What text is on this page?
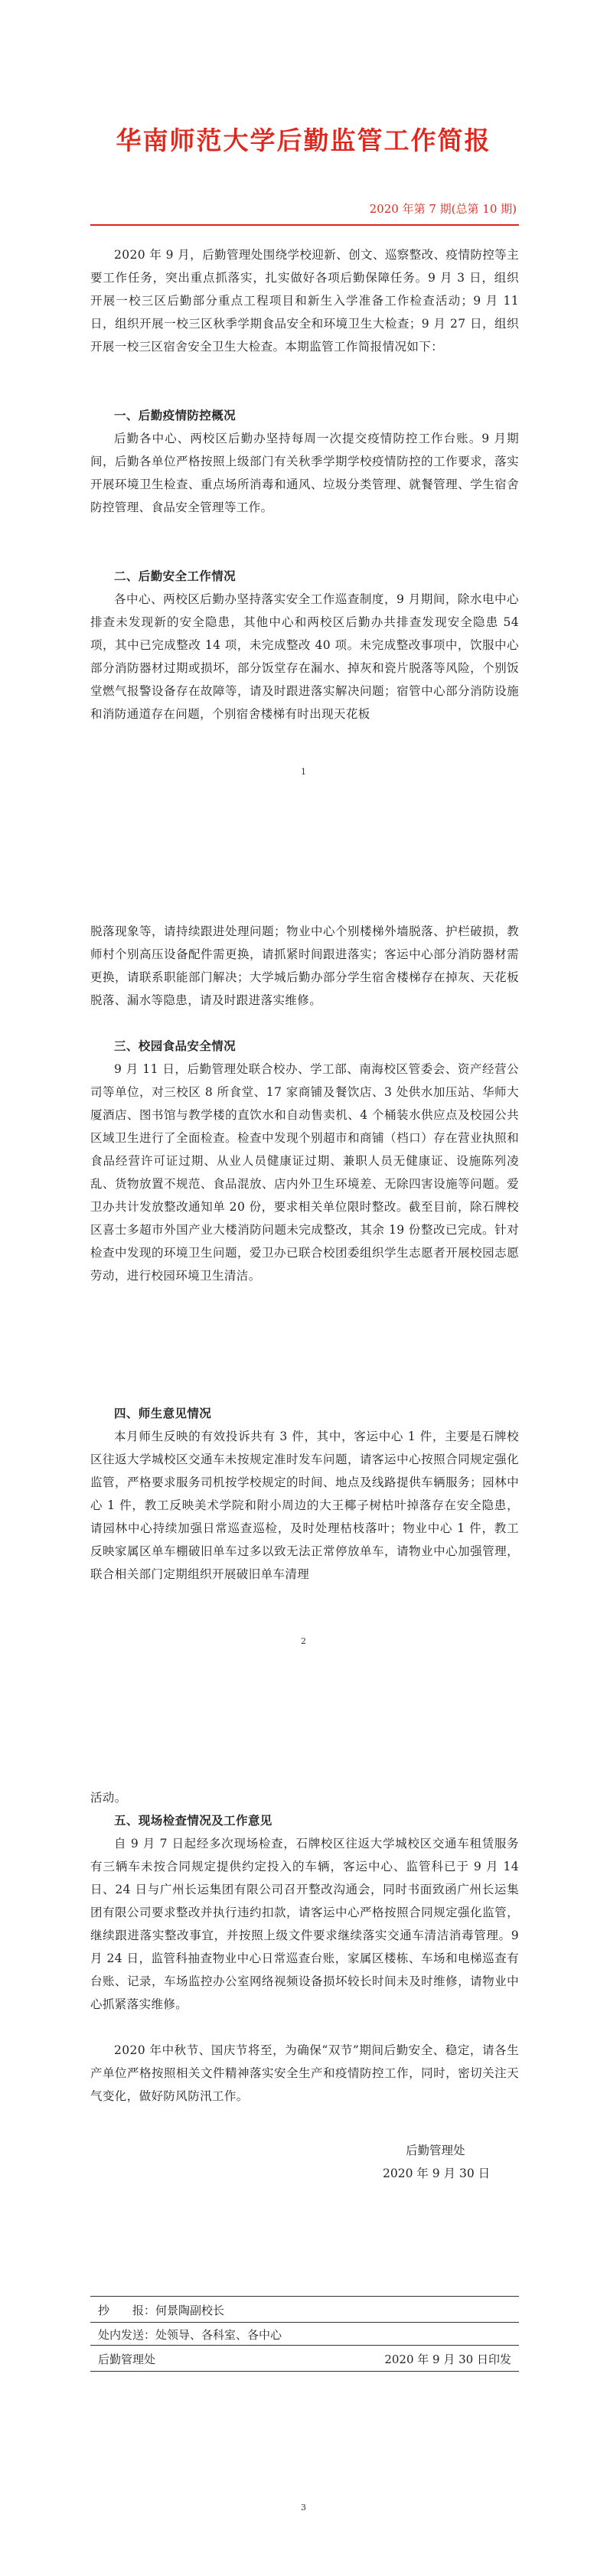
华南师范大学后勤监管工作简报
2020 年第 7 期(总第 10 期)
2020 年 9 月，后勤管理处围绕学校迎新、创文、巡察整改、疫情防控等主要工作任务，突出重点抓落实，扎实做好各项后勤保障任务。9 月 3 日，组织开展一校三区后勤部分重点工程项目和新生入学准备工作检查活动；9 月 11 日，组织开展一校三区秋季学期食品安全和环境卫生大检查；9 月 27 日，组织开展一校三区宿舍安全卫生大检查。本期监管工作简报情况如下：
一、后勤疫情防控概况
后勤各中心、两校区后勤办坚持每周一次提交疫情防控工作台账。9 月期间，后勤各单位严格按照上级部门有关秋季学期学校疫情防控的工作要求，落实开展环境卫生检查、重点场所消毒和通风、垃圾分类管理、就餐管理、学生宿舍防控管理、食品安全管理等工作。
二、后勤安全工作情况
各中心、两校区后勤办坚持落实安全工作巡查制度，9 月期间，除水电中心排查未发现新的安全隐患，其他中心和两校区后勤办共排查发现安全隐患 54 项，其中已完成整改 14 项，未完成整改 40 项。未完成整改事项中，饮服中心部分消防器材过期或损坏，部分饭堂存在漏水、掉灰和瓷片脱落等风险，个别饭堂燃气报警设备存在故障等，请及时跟进落实解决问题；宿管中心部分消防设施和消防通道存在问题，个别宿舍楼梯有时出现天花板
1
脱落现象等，请持续跟进处理问题；物业中心个别楼梯外墙脱落、护栏破损，教师村个别高压设备配件需更换，请抓紧时间跟进落实；客运中心部分消防器材需更换，请联系职能部门解决；大学城后勤办部分学生宿舍楼梯存在掉灰、天花板脱落、漏水等隐患，请及时跟进落实维修。
三、校园食品安全情况
9 月 11 日，后勤管理处联合校办、学工部、南海校区管委会、资产经营公司等单位，对三校区 8 所食堂、17 家商铺及餐饮店、3 处供水加压站、华师大厦酒店、图书馆与教学楼的直饮水和自动售卖机、4 个桶装水供应点及校园公共区域卫生进行了全面检查。检查中发现个别超市和商铺（档口）存在营业执照和食品经营许可证过期、从业人员健康证过期、兼职人员无健康证、设施陈列凌乱、货物放置不规范、食品混放、店内外卫生环境差、无除四害设施等问题。爱卫办共计发放整改通知单 20 份，要求相关单位限时整改。截至目前，除石牌校区喜士多超市外国产业大楼消防问题未完成整改，其余 19 份整改已完成。针对检查中发现的环境卫生问题，爱卫办已联合校团委组织学生志愿者开展校园志愿劳动，进行校园环境卫生清洁。
四、师生意见情况
本月师生反映的有效投诉共有 3 件，其中，客运中心 1 件，主要是石牌校区往返大学城校区交通车未按规定准时发车问题，请客运中心按照合同规定强化监管，严格要求服务司机按学校规定的时间、地点及线路提供车辆服务；园林中心 1 件，教工反映美术学院和附小周边的大王椰子树枯叶掉落存在安全隐患，请园林中心持续加强日常巡查巡检，及时处理枯枝落叶；物业中心 1 件，教工反映家属区单车棚破旧单车过多以致无法正常停放单车，请物业中心加强管理，联合相关部门定期组织开展破旧单车清理
2
活动。
五、现场检查情况及工作意见
自 9 月 7 日起经多次现场检查，石牌校区往返大学城校区交通车租赁服务有三辆车未按合同规定提供约定投入的车辆，客运中心、监管科已于 9 月 14 日、24 日与广州长运集团有限公司召开整改沟通会，同时书面致函广州长运集团有限公司要求整改并执行违约扣款，请客运中心严格按照合同规定强化监管，继续跟进落实整改事宜，并按照上级文件要求继续落实交通车清洁消毒管理。9 月 24 日，监管科抽查物业中心日常巡查台账，家属区楼栋、车场和电梯巡查有台账、记录，车场监控办公室网络视频设备损坏较长时间未及时维修，请物业中心抓紧落实维修。
2020 年中秋节、国庆节将至，为确保“双节”期间后勤安全、稳定，请各生产单位严格按照相关文件精神落实安全生产和疫情防控工作，同时，密切关注天气变化，做好防风防汛工作。
后勤管理处
2020 年 9 月 30 日
抄　　报：何景陶副校长
处内发送：处领导、各科室、各中心
后勤管理处	2020 年 9 月 30 日印发
3
